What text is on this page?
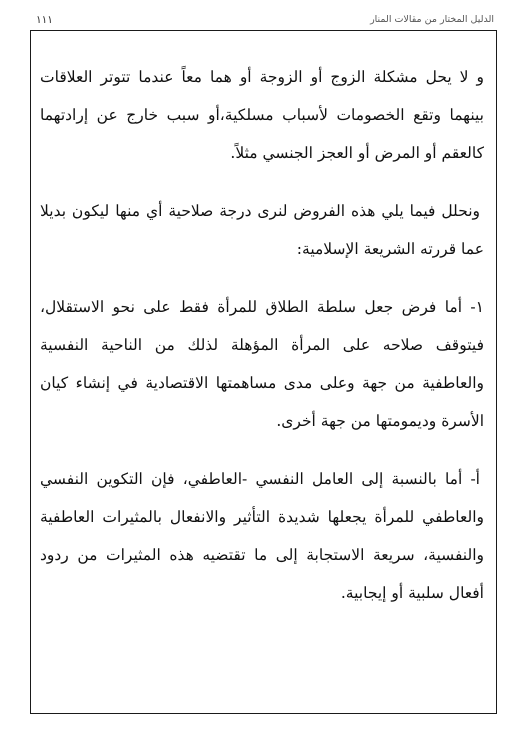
الدليل المختار من مقالات المنار
١١١

و لا يحل مشكلة الزوج أو الزوجة أو هما معاً عندما تتوتر العلاقات بينهما وتقع الخصومات لأسباب مسلكية،أو سبب خارج عن إرادتهما كالعقم أو المرض أو العجز الجنسي مثلاً.

ونحلل فيما يلي هذه الفروض لنرى درجة صلاحية أي منها ليكون بديلا عما قررته الشريعة الإسلامية:

١- أما فرض جعل سلطة الطلاق للمرأة فقط على نحو الاستقلال، فيتوقف صلاحه على المرأة المؤهلة لذلك من الناحية النفسية والعاطفية من جهة وعلى مدى مساهمتها الاقتصادية في إنشاء كيان الأسرة وديمومتها من جهة أخرى.

أ- أما بالنسبة إلى العامل النفسي -العاطفي، فإن التكوين النفسي والعاطفي للمرأة يجعلها شديدة التأثير والانفعال بالمثيرات العاطفية والنفسية، سريعة الاستجابة إلى ما تقتضيه هذه المثيرات من ردود أفعال سلبية أو إيجابية.
